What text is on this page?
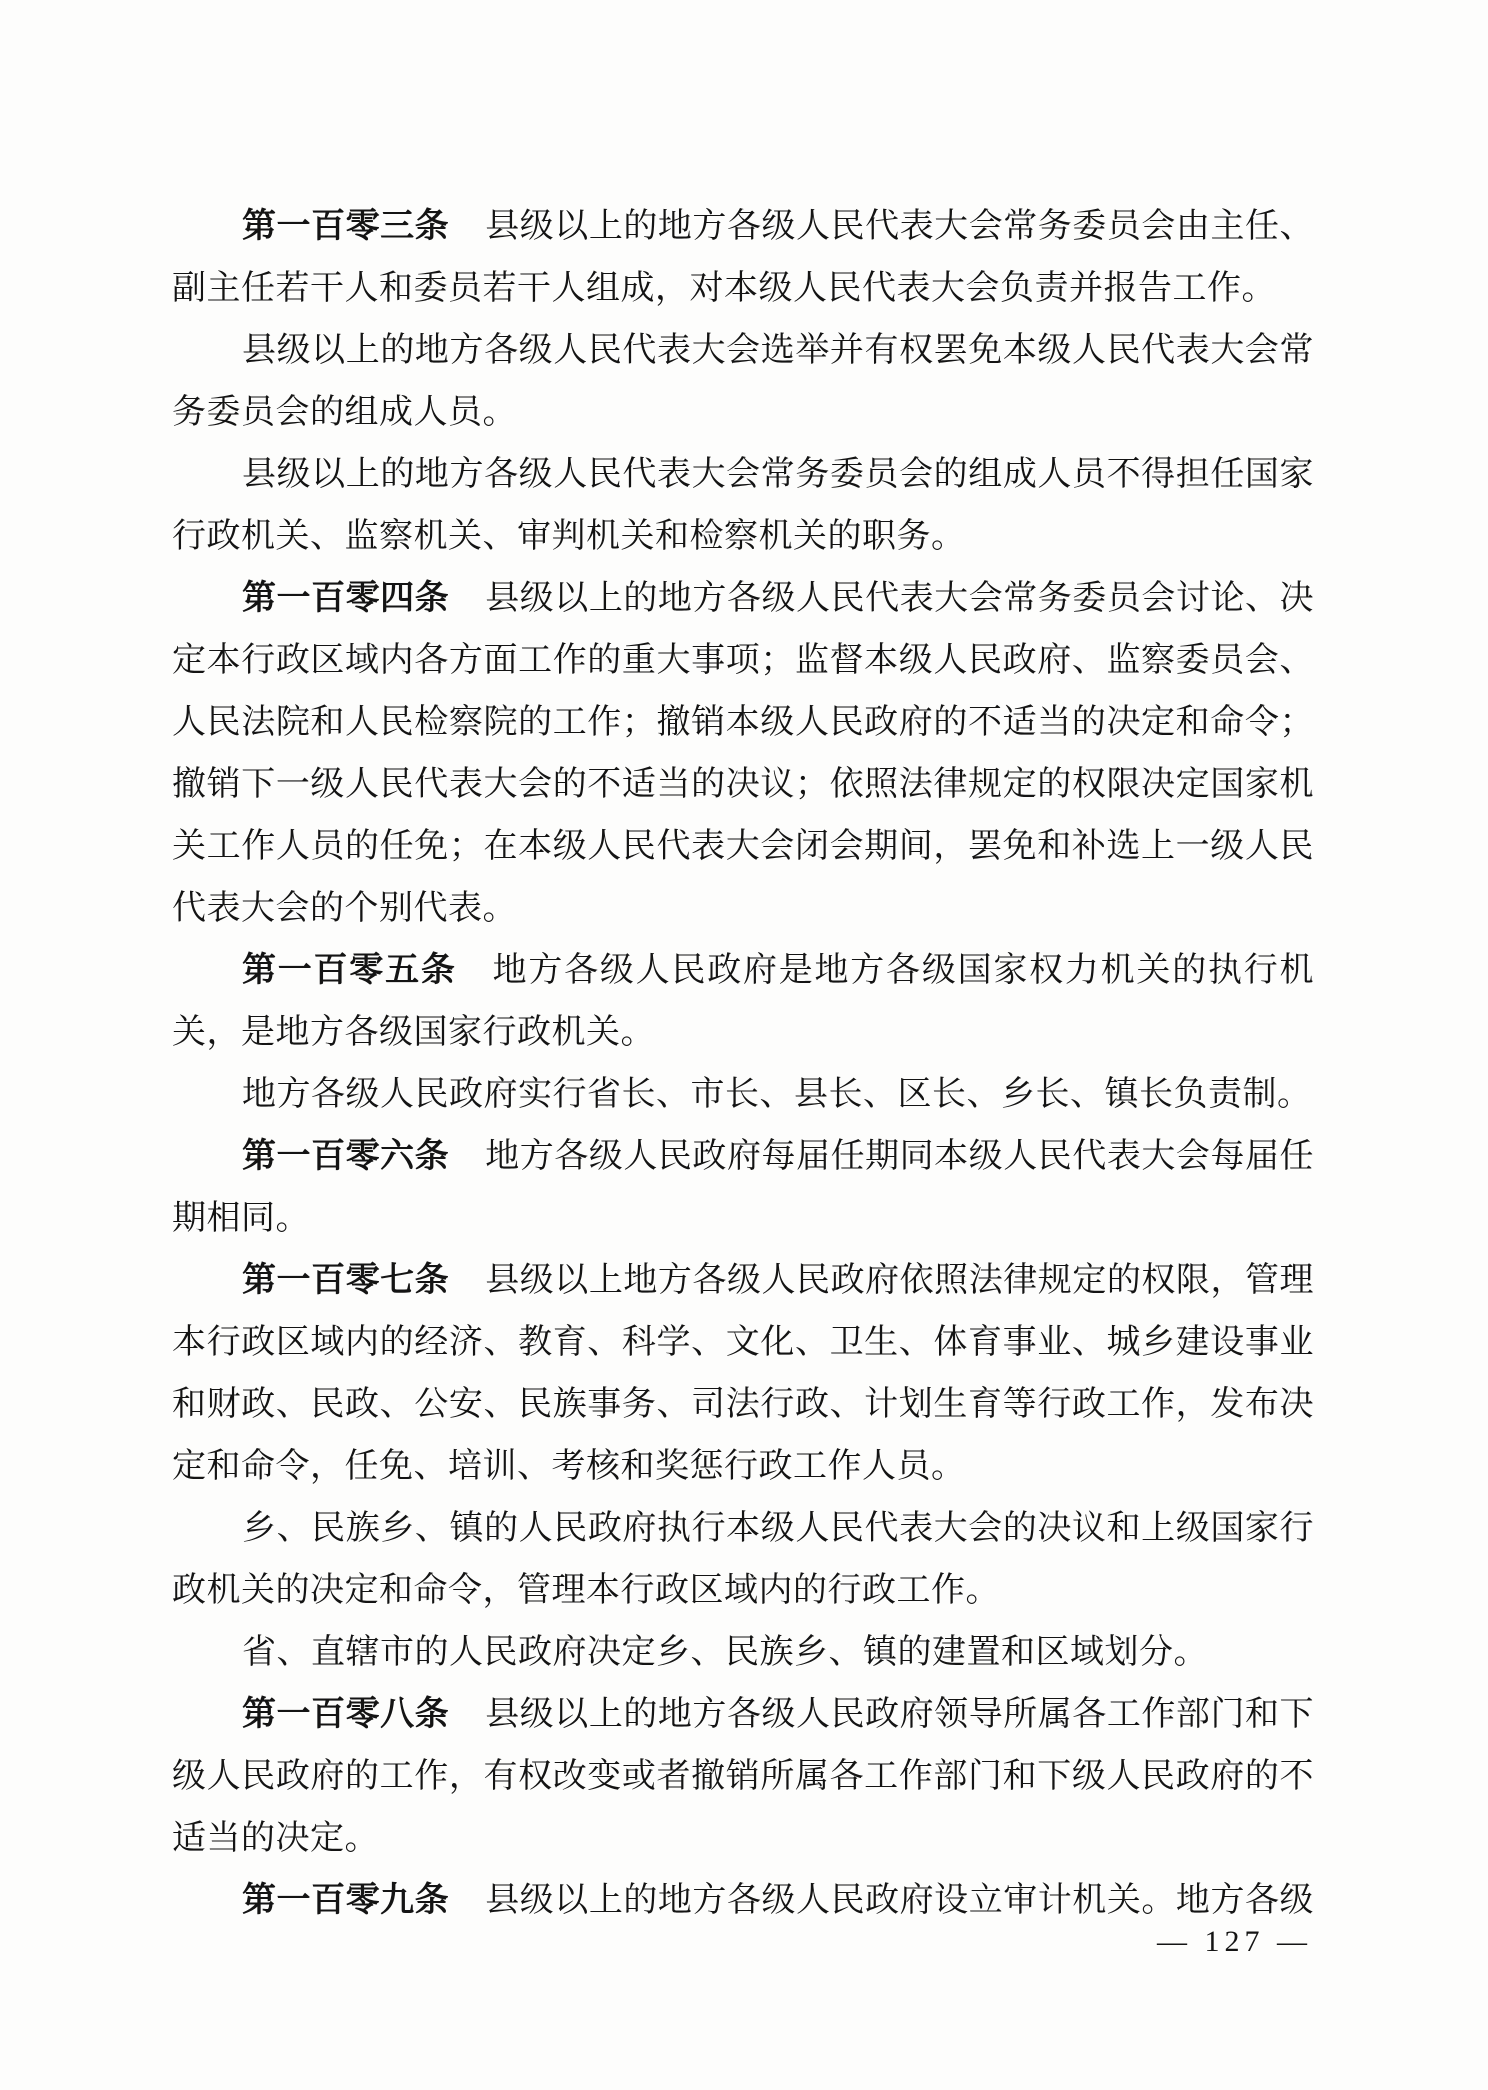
第一百零三条 县级以上的地方各级人民代表大会常务委员会由主任、
副主任若干人和委员若干人组成，对本级人民代表大会负责并报告工作。
县级以上的地方各级人民代表大会选举并有权罢免本级人民代表大会常
务委员会的组成人员。
县级以上的地方各级人民代表大会常务委员会的组成人员不得担任国家
行政机关、监察机关、审判机关和检察机关的职务。
第一百零四条 县级以上的地方各级人民代表大会常务委员会讨论、决
定本行政区域内各方面工作的重大事项；监督本级人民政府、监察委员会、
人民法院和人民检察院的工作；撤销本级人民政府的不适当的决定和命令；
撤销下一级人民代表大会的不适当的决议；依照法律规定的权限决定国家机
关工作人员的任免；在本级人民代表大会闭会期间，罢免和补选上一级人民
代表大会的个别代表。
第一百零五条 地方各级人民政府是地方各级国家权力机关的执行机
关，是地方各级国家行政机关。
地方各级人民政府实行省长、市长、县长、区长、乡长、镇长负责制。
第一百零六条 地方各级人民政府每届任期同本级人民代表大会每届任
期相同。
第一百零七条 县级以上地方各级人民政府依照法律规定的权限，管理
本行政区域内的经济、教育、科学、文化、卫生、体育事业、城乡建设事业
和财政、民政、公安、民族事务、司法行政、计划生育等行政工作，发布决
定和命令，任免、培训、考核和奖惩行政工作人员。
乡、民族乡、镇的人民政府执行本级人民代表大会的决议和上级国家行
政机关的决定和命令，管理本行政区域内的行政工作。
省、直辖市的人民政府决定乡、民族乡、镇的建置和区域划分。
第一百零八条 县级以上的地方各级人民政府领导所属各工作部门和下
级人民政府的工作，有权改变或者撤销所属各工作部门和下级人民政府的不
适当的决定。
第一百零九条 县级以上的地方各级人民政府设立审计机关。地方各级
— 127 —
